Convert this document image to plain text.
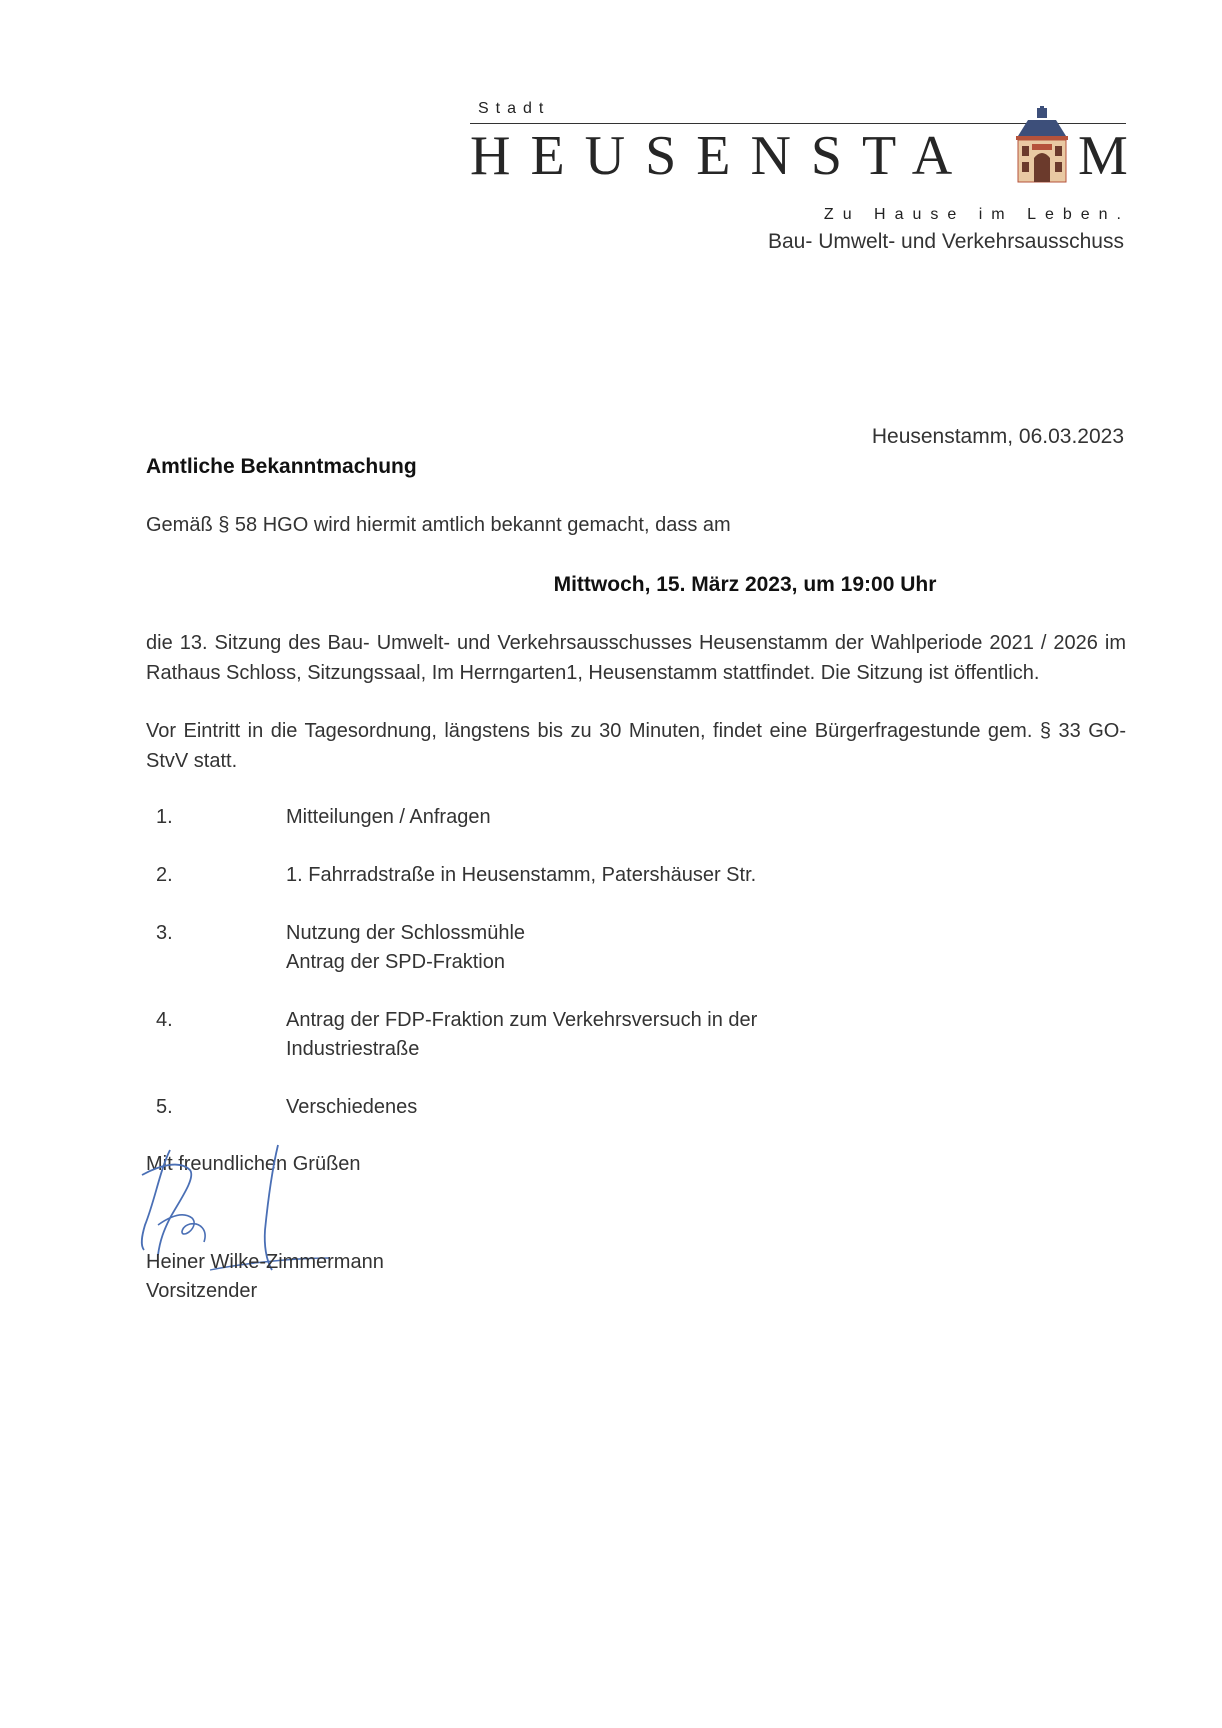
Stadt
HEUSENSTA M
Zu Hause im Leben.
Bau- Umwelt- und Verkehrsausschuss
Heusenstamm, 06.03.2023
Amtliche Bekanntmachung
Gemäß § 58 HGO wird hiermit amtlich bekannt gemacht, dass am
Mittwoch, 15. März 2023, um 19:00 Uhr
die 13. Sitzung des Bau- Umwelt- und Verkehrsausschusses Heusenstamm der Wahlperiode 2021 / 2026 im Rathaus Schloss, Sitzungssaal, Im Herrngarten1, Heusenstamm stattfindet. Die Sitzung ist öffentlich.
Vor Eintritt in die Tagesordnung, längstens bis zu 30 Minuten, findet eine Bürgerfragestunde gem. § 33 GO-StvV statt.
1.	Mitteilungen / Anfragen
2.	1. Fahrradstraße in Heusenstamm, Patershäuser Str.
3.	Nutzung der Schlossmühle
Antrag der SPD-Fraktion
4.	Antrag der FDP-Fraktion zum Verkehrsversuch in der
Industriestraße
5.	Verschiedenes
Mit freundlichen Grüßen
Heiner Wilke-Zimmermann
Vorsitzender
